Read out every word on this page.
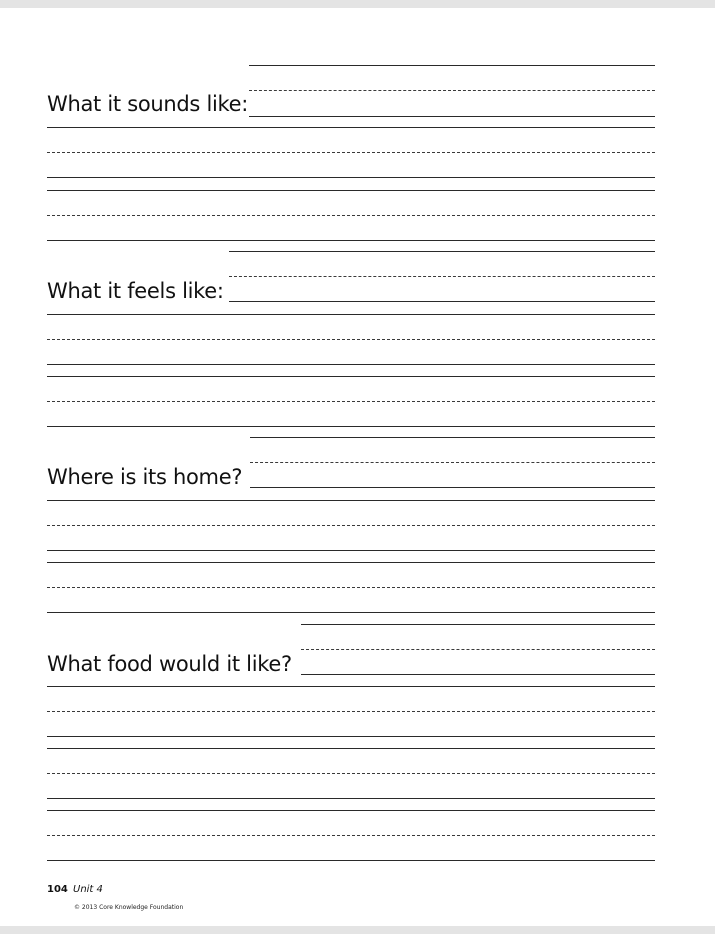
What it sounds like:
What it feels like:
Where is its home?
What food would it like?
104 Unit 4
© 2013 Core Knowledge Foundation
